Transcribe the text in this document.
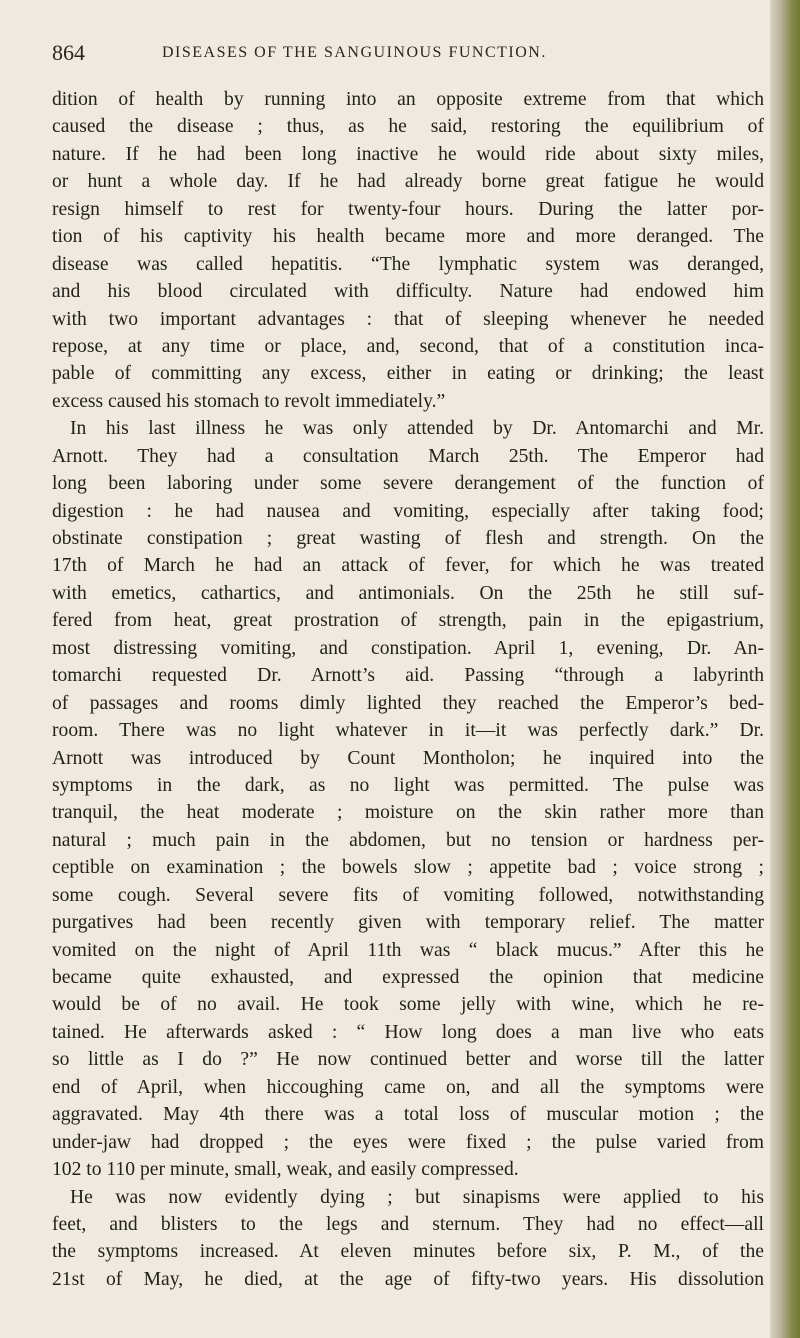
864	DISEASES OF THE SANGUINOUS FUNCTION.
dition of health by running into an opposite extreme from that which
caused the disease ; thus, as he said, restoring the equilibrium of
nature. If he had been long inactive he would ride about sixty miles,
or hunt a whole day. If he had already borne great fatigue he would
resign himself to rest for twenty-four hours. During the latter por-
tion of his captivity his health became more and more deranged. The
disease was called hepatitis. “The lymphatic system was deranged,
and his blood circulated with difficulty. Nature had endowed him
with two important advantages : that of sleeping whenever he needed
repose, at any time or place, and, second, that of a constitution inca-
pable of committing any excess, either in eating or drinking; the least
excess caused his stomach to revolt immediately.”
In his last illness he was only attended by Dr. Antomarchi and Mr.
Arnott. They had a consultation March 25th. The Emperor had
long been laboring under some severe derangement of the function of
digestion : he had nausea and vomiting, especially after taking food;
obstinate constipation ; great wasting of flesh and strength. On the
17th of March he had an attack of fever, for which he was treated
with emetics, cathartics, and antimonials. On the 25th he still suf-
fered from heat, great prostration of strength, pain in the epigastrium,
most distressing vomiting, and constipation. April 1, evening, Dr. An-
tomarchi requested Dr. Arnott’s aid. Passing “through a labyrinth
of passages and rooms dimly lighted they reached the Emperor’s bed-
room. There was no light whatever in it—it was perfectly dark.” Dr.
Arnott was introduced by Count Montholon; he inquired into the
symptoms in the dark, as no light was permitted. The pulse was
tranquil, the heat moderate ; moisture on the skin rather more than
natural ; much pain in the abdomen, but no tension or hardness per-
ceptible on examination ; the bowels slow ; appetite bad ; voice strong ;
some cough. Several severe fits of vomiting followed, notwithstanding
purgatives had been recently given with temporary relief. The matter
vomited on the night of April 11th was “ black mucus.” After this he
became quite exhausted, and expressed the opinion that medicine
would be of no avail. He took some jelly with wine, which he re-
tained. He afterwards asked : “ How long does a man live who eats
so little as I do ?” He now continued better and worse till the latter
end of April, when hiccoughing came on, and all the symptoms were
aggravated. May 4th there was a total loss of muscular motion ; the
under-jaw had dropped ; the eyes were fixed ; the pulse varied from
102 to 110 per minute, small, weak, and easily compressed.
He was now evidently dying ; but sinapisms were applied to his
feet, and blisters to the legs and sternum. They had no effect—all
the symptoms increased. At eleven minutes before six, P. M., of the
21st of May, he died, at the age of fifty-two years. His dissolution
